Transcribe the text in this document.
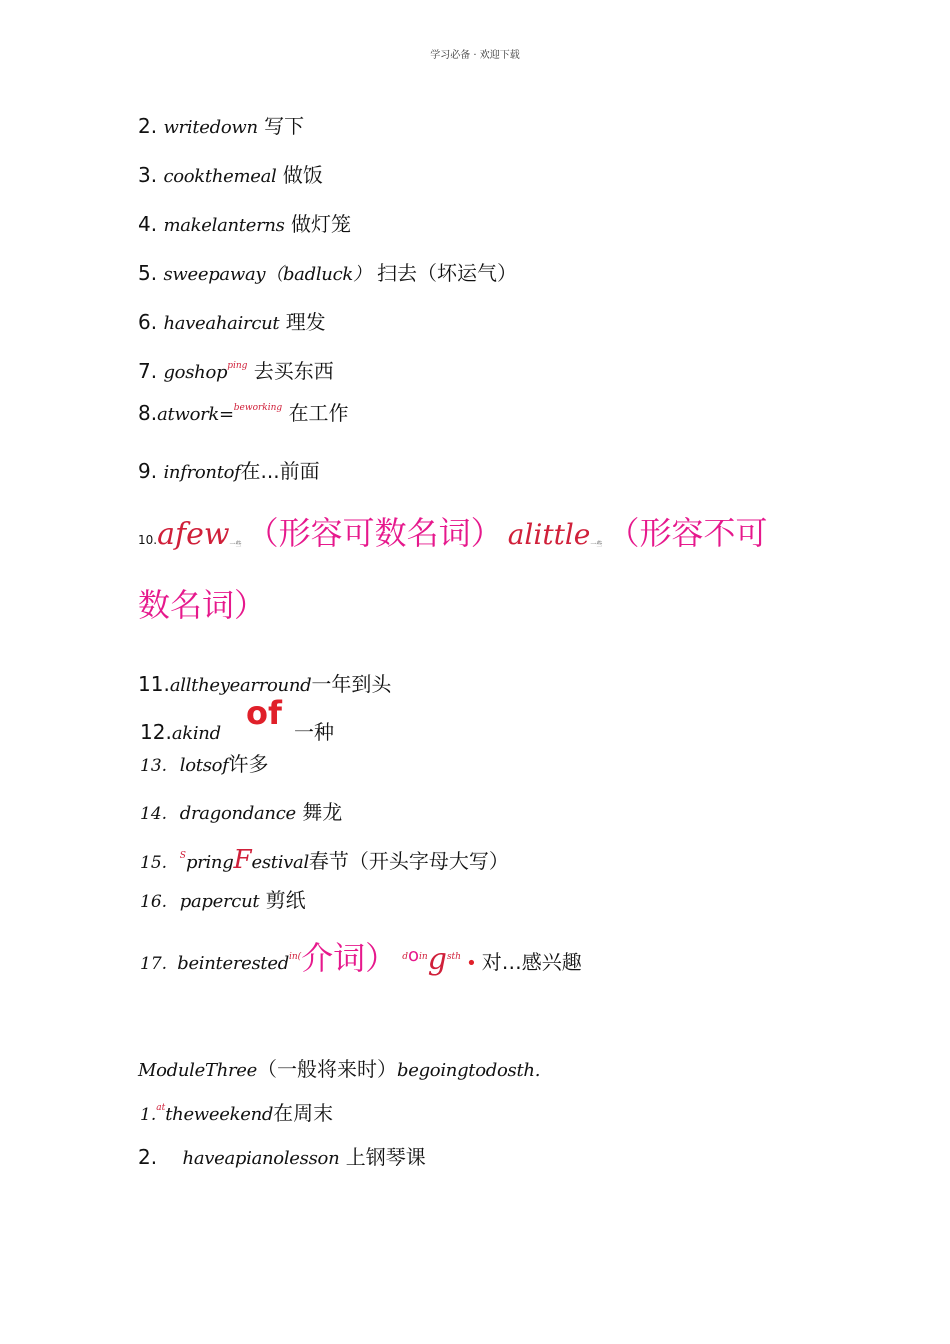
学习必备 · 欢迎下载
2. writedown 写下
3. cookthemeal 做饭
4. makelanterns 做灯笼
5. sweepaway（badluck） 扫去（坏运气）
6. haveahaircut 理发
7. goshop$^{ping}$ 去买东西
8.atwork=$^{beworking}$ 在工作
9. infrontof在...前面
10.afew一些 （形容可数名词） alittle一些 （形容不可
数名词）
11.alltheyearround一年到头
12.akind
of 一种
13. lotsof许多
14. dragondance 舞龙
15. $^S$pringFestival春节（开头字母大写）
16. papercut 剪纸
17. beinterested$^{in(}$介词） $^do^{in}g^{sth}$ • 对…感兴趣
ModuleThree（一般将来时）begoingtodosth.
1.$^{at}$theweekend在周末
2. haveapianolesson 上钢琴课
